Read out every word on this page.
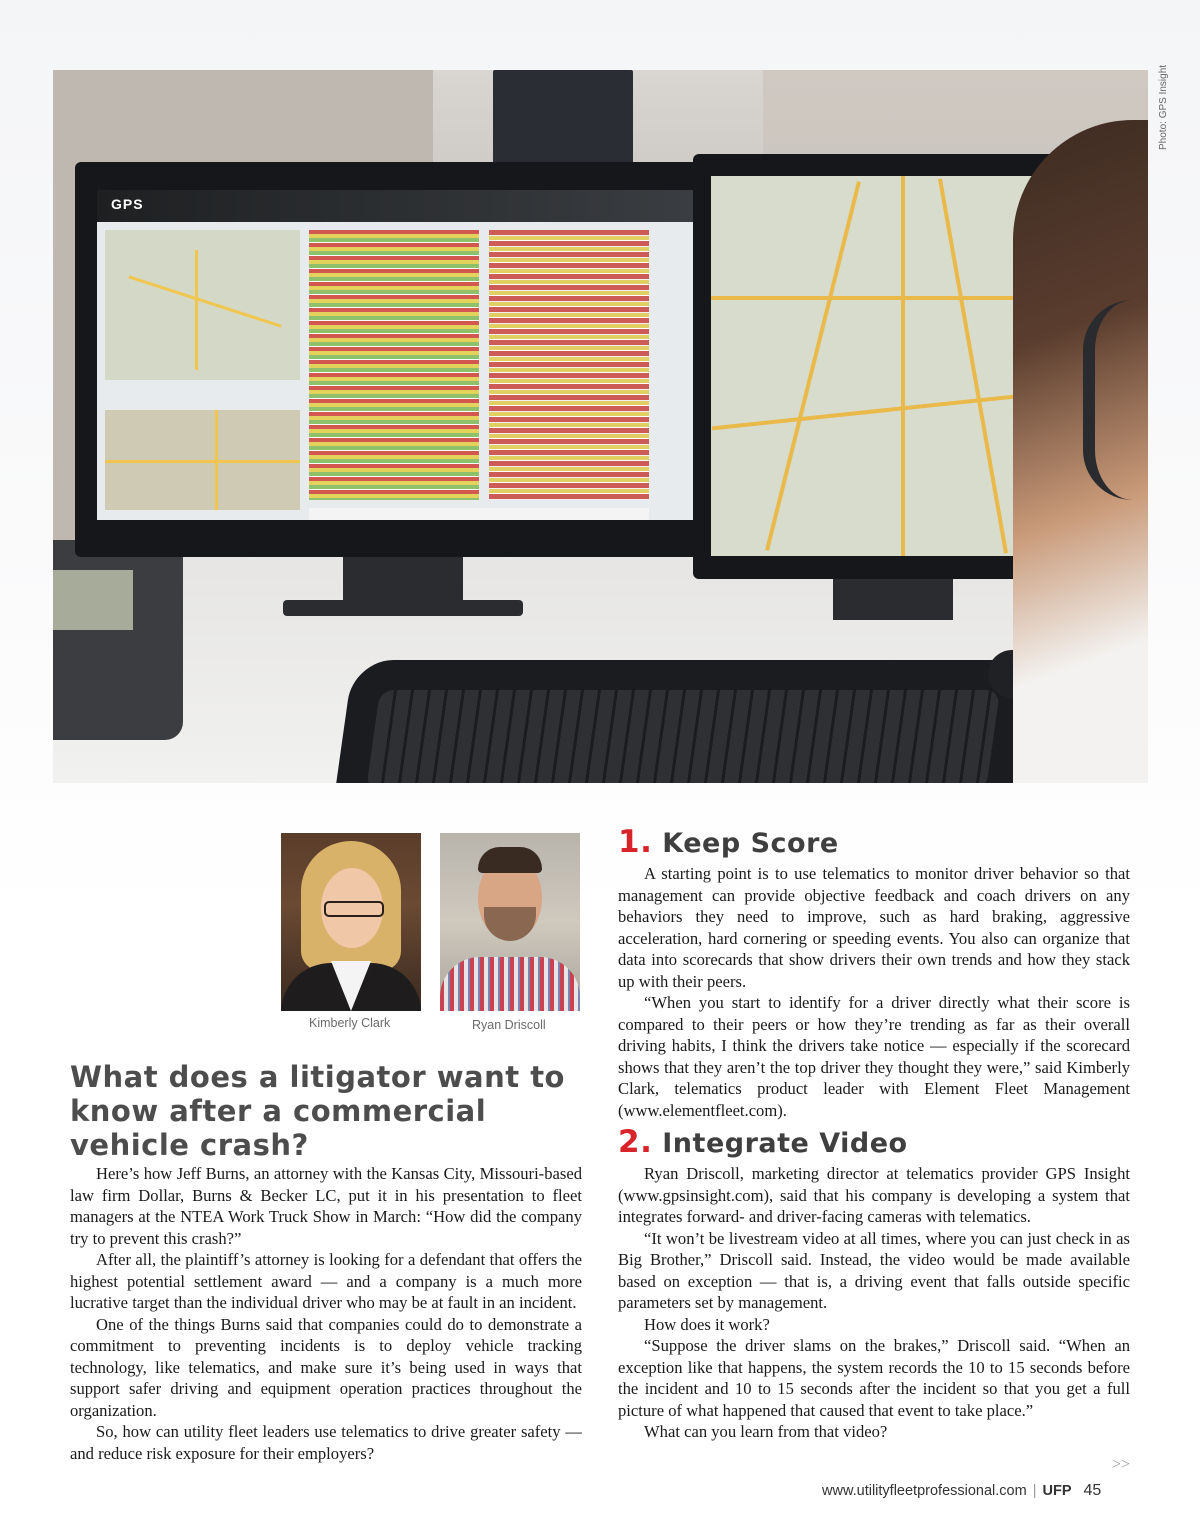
GPS
Photo: GPS Insight
Kimberly Clark	Ryan Driscoll
What does a litigator want to know after a commercial vehicle crash?

Here’s how Jeff Burns, an attorney with the Kansas City, Missouri-based law firm Dollar, Burns & Becker LC, put it in his presentation to fleet managers at the NTEA Work Truck Show in March: “How did the company try to prevent this crash?”

After all, the plaintiff’s attorney is looking for a defendant that offers the highest potential settlement award — and a company is a much more lucrative target than the individual driver who may be at fault in an incident.

One of the things Burns said that companies could do to demonstrate a commitment to preventing incidents is to deploy vehicle tracking technology, like telematics, and make sure it’s being used in ways that support safer driving and equipment operation practices throughout the organization.

So, how can utility fleet leaders use telematics to drive greater safety — and reduce risk exposure for their employers?

1. Keep Score

A starting point is to use telematics to monitor driver behavior so that management can provide objective feedback and coach drivers on any behaviors they need to improve, such as hard braking, aggressive acceleration, hard cornering or speeding events. You also can organize that data into scorecards that show drivers their own trends and how they stack up with their peers.

“When you start to identify for a driver directly what their score is compared to their peers or how they’re trending as far as their overall driving habits, I think the drivers take notice — especially if the scorecard shows that they aren’t the top driver they thought they were,” said Kimberly Clark, telematics product leader with Element Fleet Management (www.elementfleet.com).

2. Integrate Video

Ryan Driscoll, marketing director at telematics provider GPS Insight (www.gpsinsight.com), said that his company is developing a system that integrates forward- and driver-facing cameras with telematics.

“It won’t be livestream video at all times, where you can just check in as Big Brother,” Driscoll said. Instead, the video would be made available based on exception — that is, a driving event that falls outside specific parameters set by management.

How does it work?

“Suppose the driver slams on the brakes,” Driscoll said. “When an exception like that happens, the system records the 10 to 15 seconds before the incident and 10 to 15 seconds after the incident so that you get a full picture of what happened that caused that event to take place.”

What can you learn from that video?

>>
www.utilityfleetprofessional.com | UFP 45
